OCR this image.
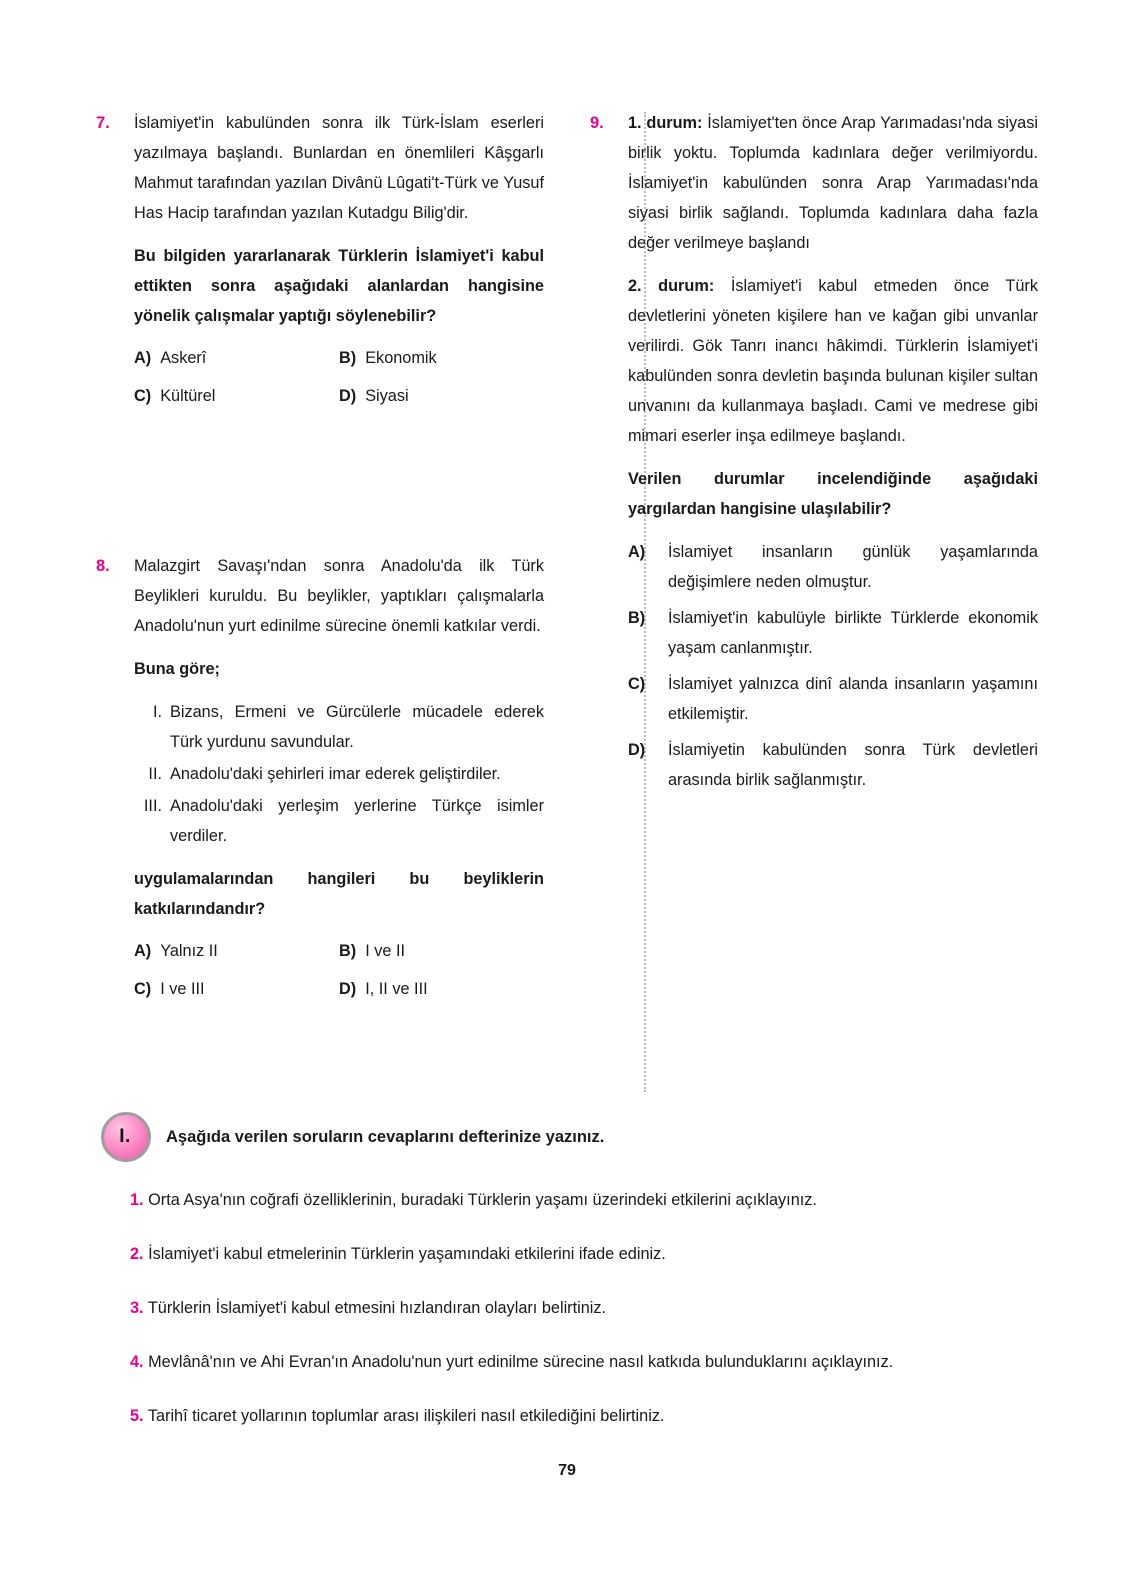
7.	İslamiyet'in kabulünden sonra ilk Türk-İslam eserleri yazılmaya başlandı. Bunlardan en önemlileri Kâşgarlı Mahmut tarafından yazılan Divânü Lûgati't-Türk ve Yusuf Has Hacip tarafından yazılan Kutadgu Bilig'dir.

Bu bilgiden yararlanarak Türklerin İslamiyet'i kabul ettikten sonra aşağıdaki alanlardan hangisine yönelik çalışmalar yaptığı söylenebilir?

A) Askerî	B) Ekonomik
C) Kültürel	D) Siyasi
8.	Malazgirt Savaşı'ndan sonra Anadolu'da ilk Türk Beylikleri kuruldu. Bu beylikler, yaptıkları çalışmalarla Anadolu'nun yurt edinilme sürecine önemli katkılar verdi.

Buna göre;

I. Bizans, Ermeni ve Gürcülerle mücadele ederek Türk yurdunu savundular.
II. Anadolu'daki şehirleri imar ederek geliştirdiler.
III. Anadolu'daki yerleşim yerlerine Türkçe isimler verdiler.

uygulamalarından hangileri bu beyliklerin katkılarındandır?

A) Yalnız II	B) I ve II
C) I ve III	D) I, II ve III
9.	1. durum: İslamiyet'ten önce Arap Yarımadası'nda siyasi birlik yoktu. Toplumda kadınlara değer verilmiyordu. İslamiyet'in kabulünden sonra Arap Yarımadası'nda siyasi birlik sağlandı. Toplumda kadınlara daha fazla değer verilmeye başlandı

2. durum: İslamiyet'i kabul etmeden önce Türk devletlerini yöneten kişilere han ve kağan gibi unvanlar verilirdi. Gök Tanrı inancı hâkimdi. Türklerin İslamiyet'i kabulünden sonra devletin başında bulunan kişiler sultan unvanını da kullanmaya başladı. Cami ve medrese gibi mimari eserler inşa edilmeye başlandı.

Verilen durumlar incelendiğinde aşağıdaki yargılardan hangisine ulaşılabilir?

A) İslamiyet insanların günlük yaşamlarında değişimlere neden olmuştur.
B) İslamiyet'in kabulüyle birlikte Türklerde ekonomik yaşam canlanmıştır.
C) İslamiyet yalnızca dinî alanda insanların yaşamını etkilemiştir.
D) İslamiyetin kabulünden sonra Türk devletleri arasında birlik sağlanmıştır.
I. Aşağıda verilen soruların cevaplarını defterinize yazınız.

1. Orta Asya'nın coğrafi özelliklerinin, buradaki Türklerin yaşamı üzerindeki etkilerini açıklayınız.

2. İslamiyet'i kabul etmelerinin Türklerin yaşamındaki etkilerini ifade ediniz.

3. Türklerin İslamiyet'i kabul etmesini hızlandıran olayları belirtiniz.

4. Mevlânâ'nın ve Ahi Evran'ın Anadolu'nun yurt edinilme sürecine nasıl katkıda bulunduklarını açıklayınız.

5. Tarihî ticaret yollarının toplumlar arası ilişkileri nasıl etkilediğini belirtiniz.

79
